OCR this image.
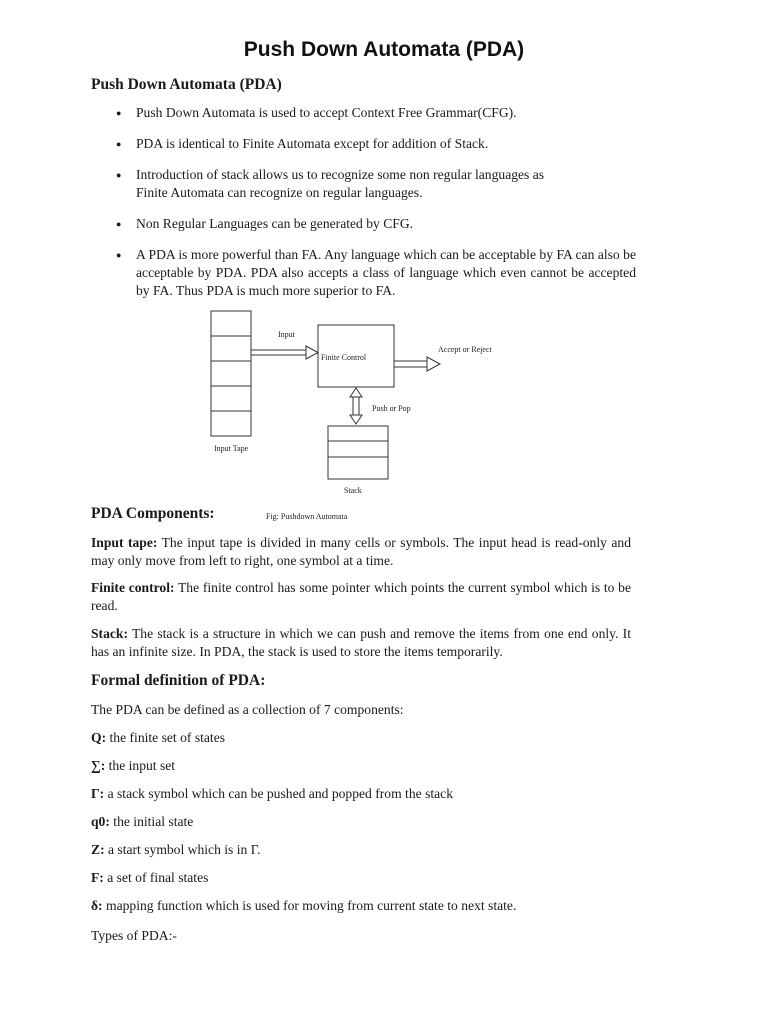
Push Down Automata (PDA)
Push Down Automata (PDA)
● Push Down Automata is used to accept Context Free Grammar(CFG).
● PDA is identical to Finite Automata except for addition of Stack.
● Introduction of stack allows us to recognize some non regular languages as Finite Automata can recognize on regular languages.
● Non Regular Languages can be generated by CFG.
● A PDA is more powerful than FA. Any language which can be acceptable by FA can also be acceptable by PDA. PDA also accepts a class of language which even cannot be accepted by FA. Thus PDA is much more superior to FA.
Input
Finite Control
Accept or Reject
Push or Pop
Input Tape
Stack
Fig: Pushdown Automata
PDA Components:
Input tape: The input tape is divided in many cells or symbols. The input head is read-only and may only move from left to right, one symbol at a time.
Finite control: The finite control has some pointer which points the current symbol which is to be read.
Stack: The stack is a structure in which we can push and remove the items from one end only. It has an infinite size. In PDA, the stack is used to store the items temporarily.
Formal definition of PDA:
The PDA can be defined as a collection of 7 components:
Q: the finite set of states
∑: the input set
Γ: a stack symbol which can be pushed and popped from the stack
q0: the initial state
Z: a start symbol which is in Γ.
F: a set of final states
δ: mapping function which is used for moving from current state to next state.
Types of PDA:-
